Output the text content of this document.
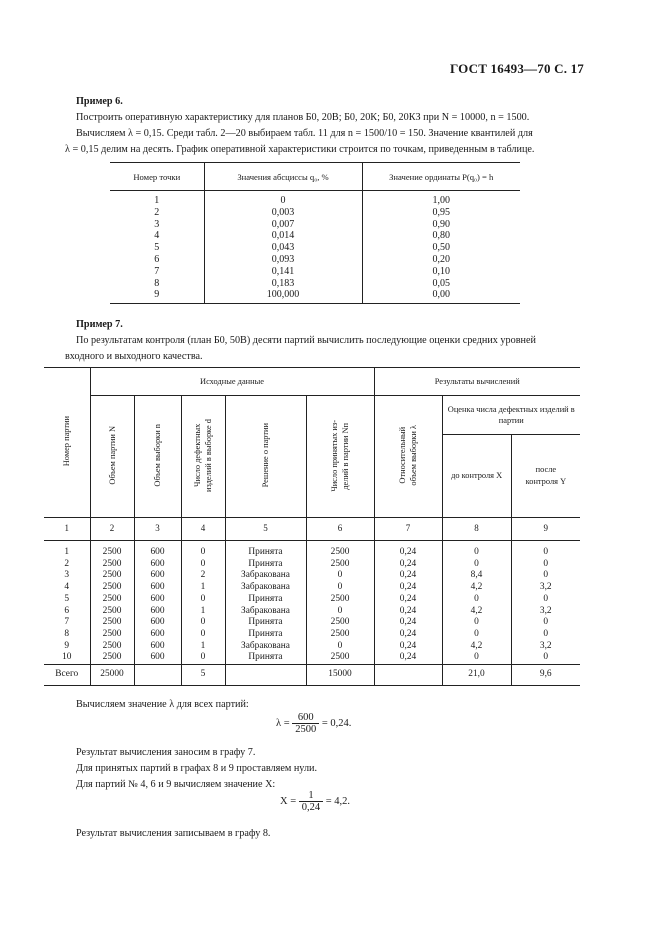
ГОСТ 16493—70 С. 17
Пример 6.
Построить оперативную характеристику для планов Б0, 20В; Б0, 20К; Б0, 20КЗ при N = 10000, n = 1500.
Вычисляем λ = 0,15. Среди табл. 2—20 выбираем табл. 11 для n = 1500/10 = 150. Значение квантилей для
λ = 0,15 делим на десять. График оперативной характеристики строится по точкам, приведенным в таблице.
Номер точки	Значения абсциссы q₀, %	Значение ординаты P(q₀) = h
1	0	1,00
2	0,003	0,95
3	0,007	0,90
4	0,014	0,80
5	0,043	0,50
6	0,093	0,20
7	0,141	0,10
8	0,183	0,05
9	100,000	0,00
Пример 7.
По результатам контроля (план Б0, 50В) десяти партий вычислить последующие оценки средних уровней
входного и выходного качества.
Номер партии	Исходные данные	Результаты вычислений
Объем партии N	Объем выборки n	Число дефектных изделий в выборке d	Решение о партии	Число принятых из- делий в партии Nп	Относительный объем выборки λ	
Оценка числа дефектных изделий в партии
до контроля X	после контроля Y

1	2	3	4	5	6	7	8	9
1	2500	600	0	Принята	2500	0,24	0	0
2	2500	600	0	Принята	2500	0,24	0	0
3	2500	600	2	Забракована	0	0,24	8,4	0
4	2500	600	1	Забракована	0	0,24	4,2	3,2
5	2500	600	0	Принята	2500	0,24	0	0
6	2500	600	1	Забракована	0	0,24	4,2	3,2
7	2500	600	0	Принята	2500	0,24	0	0
8	2500	600	0	Принята	2500	0,24	0	0
9	2500	600	1	Забракована	0	0,24	4,2	3,2
10	2500	600	0	Принята	2500	0,24	0	0
Всего	25000		5		15000		21,0	9,6
Вычисляем значение λ для всех партий:
$\lambda = \frac{600}{2500} = 0,24$.
Результат вычисления заносим в графу 7.
Для принятых партий в графах 8 и 9 проставляем нули.
Для партий № 4, 6 и 9 вычисляем значение X:
$X = \frac{1}{0,24} = 4,2$.
Результат вычисления записываем в графу 8.
